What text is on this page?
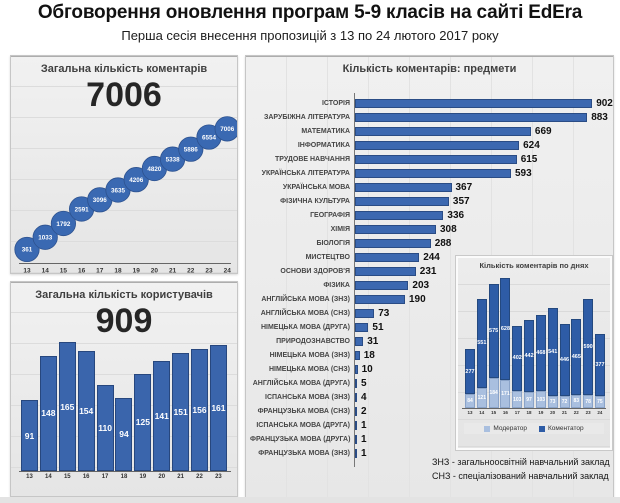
Обговорення оновлення програм 5-9 класів на сайті EdEra
Перша сесія внесення пропозицій з 13 по 24 лютого 2017 року
Загальна кількість коментарів
7006
361
13
1033
14
1792
15
2591
16
3096
17
3635
18
4206
19
4820
20
5338
21
5886
22
6554
23
7006
24
Загальна кількість користувачів
909
91
148
165 154
110
94
125
141 151 156 161
13	14	15	16	17	18	19	20	21	22	23
Кількість коментарів: предмети
ІСТОРІЯ	902
ЗАРУБІЖНА ЛІТЕРАТУРА	883
МАТЕМАТИКА	669
ІНФОРМАТИКА	624
ТРУДОВЕ НАВЧАННЯ	615
УКРАЇНСЬКА ЛІТЕРАТУРА	593
УКРАЇНСЬКА МОВА	367
ФІЗИЧНА КУЛЬТУРА	357
ГЕОГРАФІЯ	336
ХІМІЯ	308
БІОЛОГІЯ	288
МИСТЕЦТВО	244
ОСНОВИ ЗДОРОВ'Я	231
ФІЗИКА	203
АНГЛІЙСЬКА МОВА (ЗНЗ)	190
АНГЛІЙСЬКА МОВА (СНЗ)	73
НІМЕЦЬКА МОВА (ДРУГА)	51
ПРИРОДОЗНАВСТВО	31
НІМЕЦЬКА МОВА (ЗНЗ)	18
НІМЕЦЬКА МОВА (СНЗ)	10
АНГЛІЙСЬКА МОВА (ДРУГА)	5
ІСПАНСЬКА МОВА (ЗНЗ)	4
ФРАНЦУЗЬКА МОВА (СНЗ)	2
ІСПАНСЬКА МОВА (ДРУГА)	1
ФРАНЦУЗЬКА МОВА (ДРУГА)	1
ФРАНЦУЗЬКА МОВА (ЗНЗ)	1
Кількість коментарів по днях
277
84
551
121
575
184
628
171
402
103
442
97
468
103
541
73
446
72
465
83
590
78
377
75
13	14	15	16	17	18	19	20	21	22	23	24
Модератор	Коментатор
ЗНЗ - загальноосвітній навчальний заклад
СНЗ - спеціалізований навчальний заклад
